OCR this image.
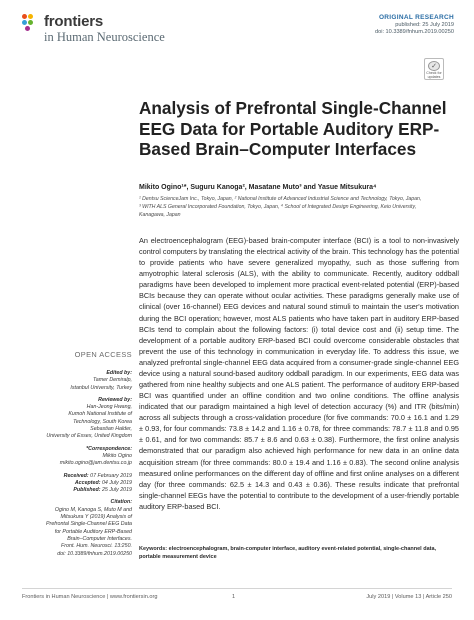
frontiers
in Human Neuroscience
ORIGINAL RESEARCH
published: 25 July 2019
doi: 10.3389/fnhum.2019.00250
✓
Check for updates
Analysis of Prefrontal Single-Channel EEG Data for Portable Auditory ERP-Based Brain–Computer Interfaces
Mikito Ogino¹*, Suguru Kanoga², Masatane Muto³ and Yasue Mitsukura⁴
¹ Dentsu ScienceJam Inc., Tokyo, Japan, ² National Institute of Advanced Industrial Science and Technology, Tokyo, Japan,
³ WITH ALS General Incorporated Foundation, Tokyo, Japan, ⁴ School of Integrated Design Engineering, Keio University,
Kanagawa, Japan

An electroencephalogram (EEG)-based brain-computer interface (BCI) is a tool to non-invasively control computers by translating the electrical activity of the brain. This technology has the potential to provide patients who have severe generalized myopathy, such as those suffering from amyotrophic lateral sclerosis (ALS), with the ability to communicate. Recently, auditory oddball paradigms have been developed to implement more practical event-related potential (ERP)-based BCIs because they can operate without ocular activities. These paradigms generally make use of clinical (over 16-channel) EEG devices and natural sound stimuli to maintain the user's motivation during the BCI operation; however, most ALS patients who have taken part in auditory ERP-based BCIs tend to complain about the following factors: (i) total device cost and (ii) setup time. The development of a portable auditory ERP-based BCI could overcome considerable obstacles that prevent the use of this technology in communication in everyday life. To address this issue, we analyzed prefrontal single-channel EEG data acquired from a consumer-grade single-channel EEG device using a natural sound-based auditory oddball paradigm. In our experiments, EEG data was gathered from nine healthy subjects and one ALS patient. The performance of auditory ERP-based BCI was quantified under an offline condition and two online conditions. The offline analysis indicated that our paradigm maintained a high level of detection accuracy (%) and ITR (bits/min) across all subjects through a cross-validation procedure (for five commands: 70.0 ± 16.1 and 1.29 ± 0.93, for four commands: 73.8 ± 14.2 and 1.16 ± 0.78, for three commands: 78.7 ± 11.8 and 0.95 ± 0.61, and for two commands: 85.7 ± 8.6 and 0.63 ± 0.38). Furthermore, the first online analysis demonstrated that our paradigm also achieved high performance for new data in an online data acquisition stream (for three commands: 80.0 ± 19.4 and 1.16 ± 0.83). The second online analysis measured online performances on the different day of offline and first online analyses on a different day (for three commands: 62.5 ± 14.3 and 0.43 ± 0.36). These results indicate that prefrontal single-channel EEGs have the potential to contribute to the development of a user-friendly portable auditory ERP-based BCI.

Keywords: electroencephalogram, brain-computer interface, auditory event-related potential, single-channel data, portable measurement device
OPEN ACCESS
Edited by:
Tamer Demiralp,
Istanbul University, Turkey
Reviewed by:
Han-Jeong Hwang,
Kumoh National Institute of
Technology, South Korea
Sebastian Halder,
University of Essex, United Kingdom
*Correspondence:
Mikito Ogino
mikito.ogino@jam.dentsu.co.jp
Received: 07 February 2019
Accepted: 04 July 2019
Published: 25 July 2019
Citation:
Ogino M, Kanoga S, Muto M and
Mitsukura Y (2019) Analysis of
Prefrontal Single-Channel EEG Data
for Portable Auditory ERP-Based
Brain–Computer Interfaces.
Front. Hum. Neurosci. 13:250.
doi: 10.3389/fnhum.2019.00250
Frontiers in Human Neuroscience | www.frontiersin.org	July 2019 | Volume 13 | Article 250
1
